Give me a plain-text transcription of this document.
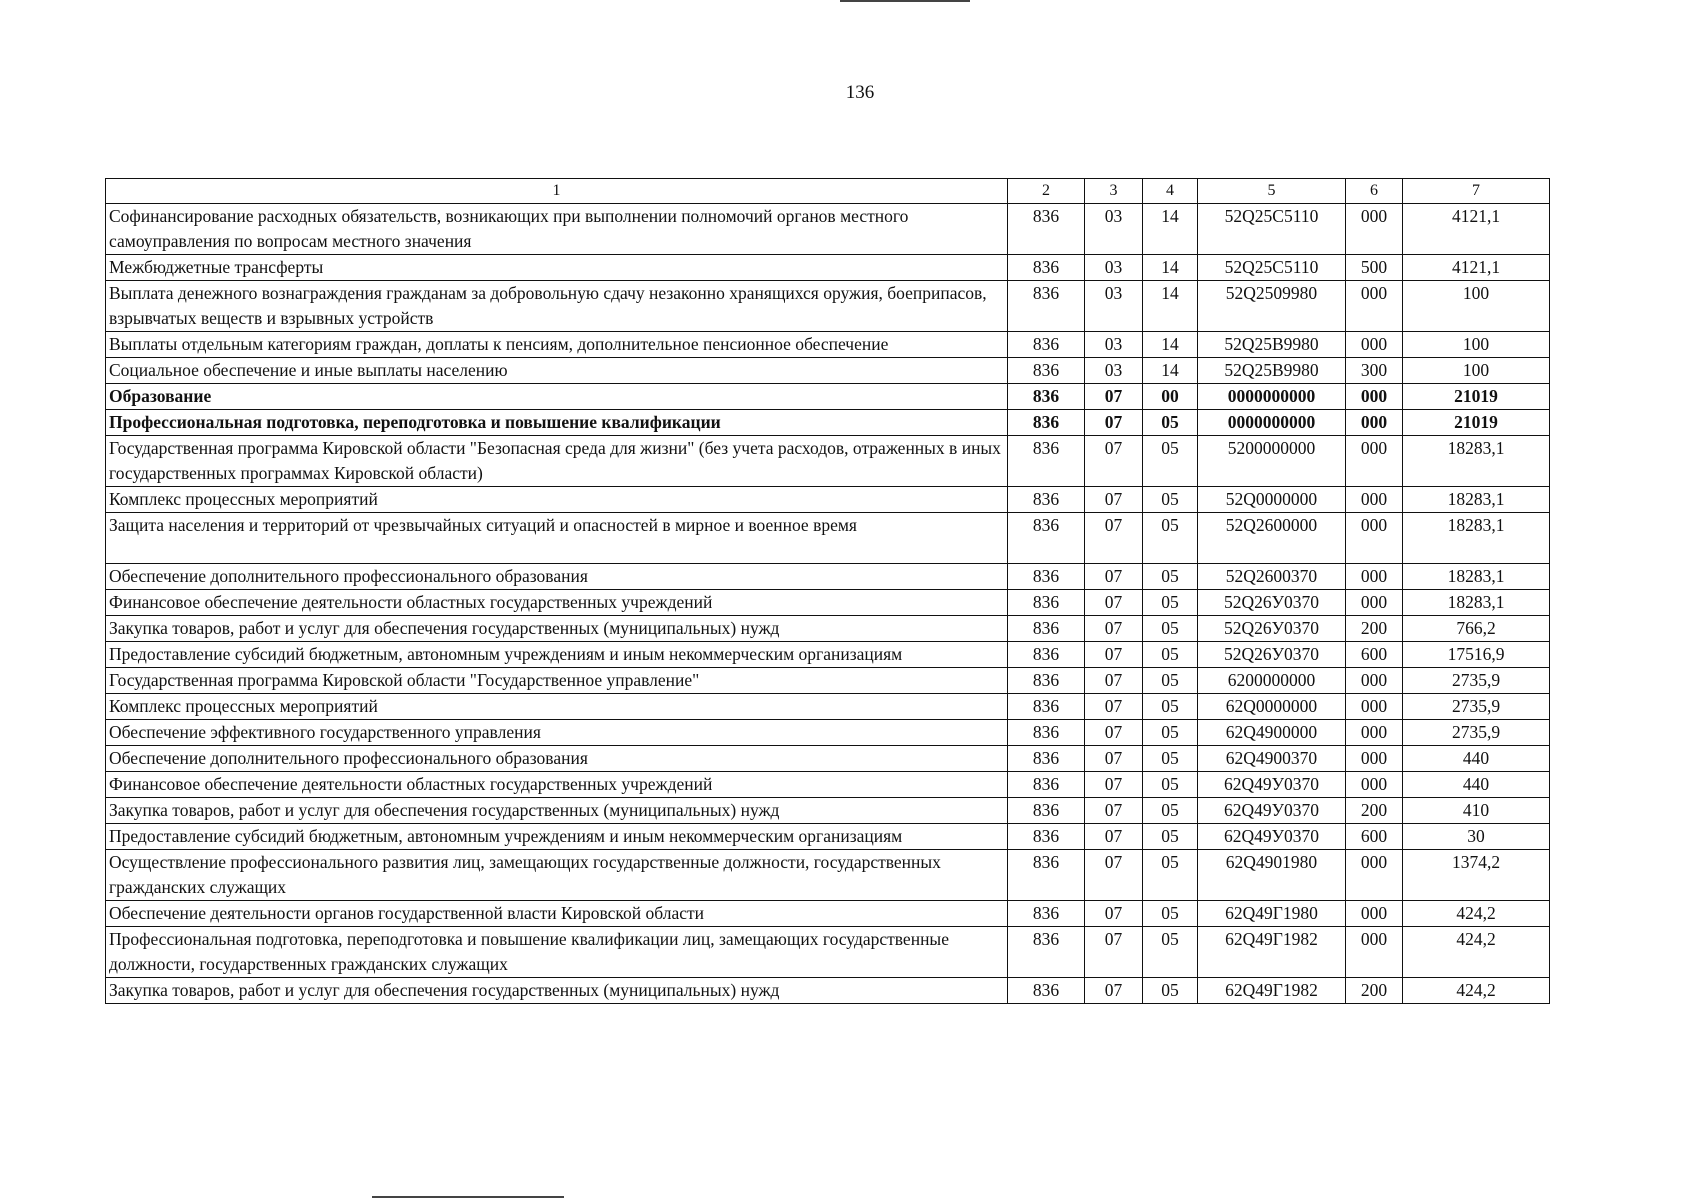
136
1	2	3	4	5	6	7
Софинансирование расходных обязательств, возникающих при выполнении полномочий органов местного самоуправления по вопросам местного значения	836	03	14	52Q25C5110	000	4121,1
Межбюджетные трансферты	836	03	14	52Q25C5110	500	4121,1
Выплата денежного вознаграждения гражданам за добровольную сдачу незаконно хранящихся оружия, боеприпасов, взрывчатых веществ и взрывных устройств	836	03	14	52Q2509980	000	100
Выплаты отдельным категориям граждан, доплаты к пенсиям, дополнительное пенсионное обеспечение	836	03	14	52Q25B9980	000	100
Социальное обеспечение и иные выплаты населению	836	03	14	52Q25B9980	300	100
Образование	836	07	00	0000000000	000	21019
Профессиональная подготовка, переподготовка и повышение квалификации	836	07	05	0000000000	000	21019
Государственная программа Кировской области "Безопасная среда для жизни" (без учета расходов, отраженных в иных государственных программах Кировской области)	836	07	05	5200000000	000	18283,1
Комплекс процессных мероприятий	836	07	05	52Q0000000	000	18283,1
Защита населения и территорий от чрезвычайных ситуаций и опасностей в мирное и военное время	836	07	05	52Q2600000	000	18283,1
Обеспечение дополнительного профессионального образования	836	07	05	52Q2600370	000	18283,1
Финансовое обеспечение деятельности областных государственных учреждений	836	07	05	52Q26У0370	000	18283,1
Закупка товаров, работ и услуг для обеспечения государственных (муниципальных) нужд	836	07	05	52Q26У0370	200	766,2
Предоставление субсидий бюджетным, автономным учреждениям и иным некоммерческим организациям	836	07	05	52Q26У0370	600	17516,9
Государственная программа Кировской области "Государственное управление"	836	07	05	6200000000	000	2735,9
Комплекс процессных мероприятий	836	07	05	62Q0000000	000	2735,9
Обеспечение эффективного государственного управления	836	07	05	62Q4900000	000	2735,9
Обеспечение дополнительного профессионального образования	836	07	05	62Q4900370	000	440
Финансовое обеспечение деятельности областных государственных учреждений	836	07	05	62Q49У0370	000	440
Закупка товаров, работ и услуг для обеспечения государственных (муниципальных) нужд	836	07	05	62Q49У0370	200	410
Предоставление субсидий бюджетным, автономным учреждениям и иным некоммерческим организациям	836	07	05	62Q49У0370	600	30
Осуществление профессионального развития лиц, замещающих государственные должности, государственных гражданских служащих	836	07	05	62Q4901980	000	1374,2
Обеспечение деятельности органов государственной власти Кировской области	836	07	05	62Q49Г1980	000	424,2
Профессиональная подготовка, переподготовка и повышение квалификации лиц, замещающих государственные должности, государственных гражданских служащих	836	07	05	62Q49Г1982	000	424,2
Закупка товаров, работ и услуг для обеспечения государственных (муниципальных) нужд	836	07	05	62Q49Г1982	200	424,2
